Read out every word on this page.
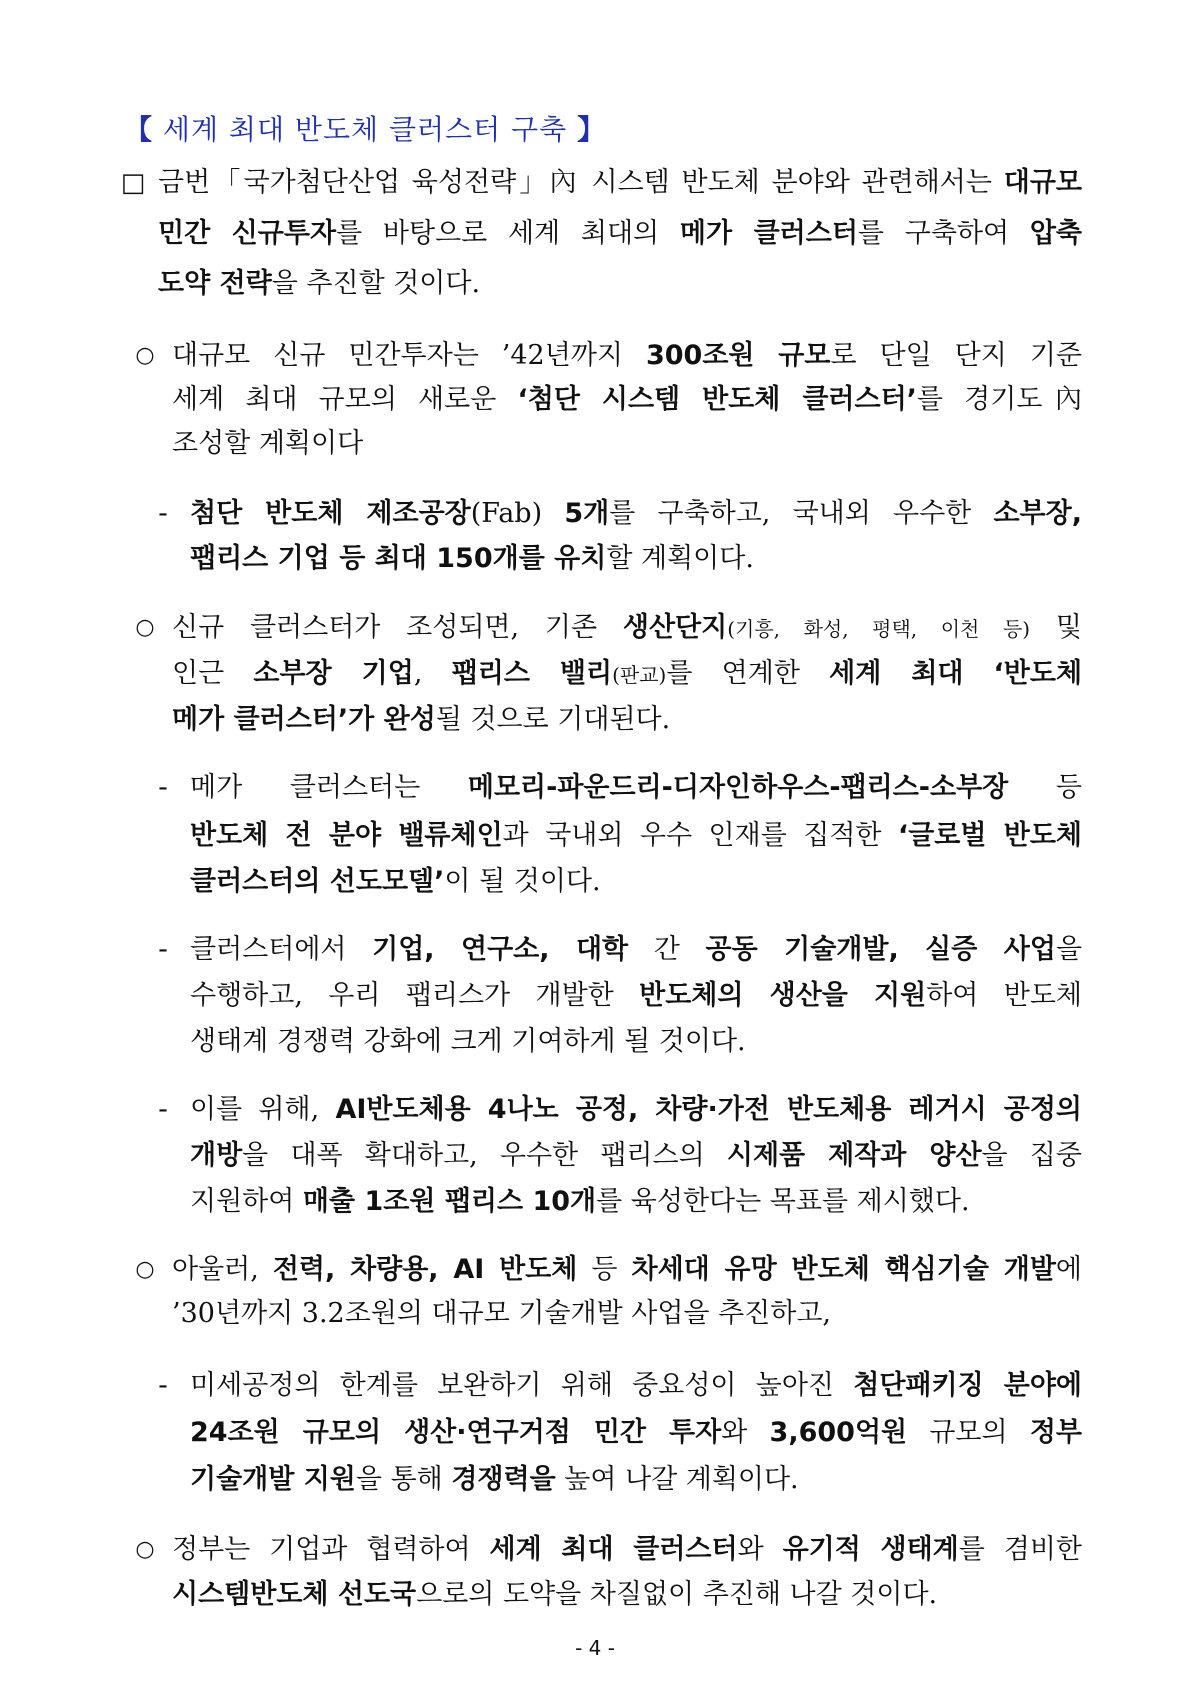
【 세계 최대 반도체 클러스터 구축 】
□ 금번「국가첨단산업 육성전략」內 시스템 반도체 분야와 관련해서는 대규모
민간 신규투자를 바탕으로 세계 최대의 메가 클러스터를 구축하여 압축
도약 전략을 추진할 것이다.
○ 대규모 신규 민간투자는 ’42년까지 300조원 규모로 단일 단지 기준
세계 최대 규모의 새로운 ‘첨단 시스템 반도체 클러스터’를 경기도內
조성할 계획이다
- 첨단 반도체 제조공장(Fab) 5개를 구축하고, 국내외 우수한 소부장,
팹리스 기업 등 최대 150개를 유치할 계획이다.
○ 신규 클러스터가 조성되면, 기존 생산단지(기흥, 화성, 평택, 이천 등) 및
인근 소부장 기업, 팹리스 밸리(판교)를 연계한 세계 최대 ‘반도체
메가 클러스터’가 완성될 것으로 기대된다.
- 메가 클러스터는 메모리-파운드리-디자인하우스-팹리스-소부장 등
반도체 전 분야 밸류체인과 국내외 우수 인재를 집적한 ‘글로벌 반도체
클러스터의 선도모델’이 될 것이다.
- 클러스터에서 기업, 연구소, 대학 간 공동 기술개발, 실증 사업을
수행하고, 우리 팹리스가 개발한 반도체의 생산을 지원하여 반도체
생태계 경쟁력 강화에 크게 기여하게 될 것이다.
- 이를 위해, AI반도체용 4나노 공정, 차량·가전 반도체용 레거시 공정의
개방을 대폭 확대하고, 우수한 팹리스의 시제품 제작과 양산을 집중
지원하여 매출 1조원 팹리스 10개를 육성한다는 목표를 제시했다.
○ 아울러, 전력, 차량용, AI 반도체 등 차세대 유망 반도체 핵심기술 개발에
’30년까지 3.2조원의 대규모 기술개발 사업을 추진하고,
- 미세공정의 한계를 보완하기 위해 중요성이 높아진 첨단패키징 분야에
24조원 규모의 생산·연구거점 민간 투자와 3,600억원 규모의 정부
기술개발 지원을 통해 경쟁력을 높여 나갈 계획이다.
○ 정부는 기업과 협력하여 세계 최대 클러스터와 유기적 생태계를 겸비한
시스템반도체 선도국으로의 도약을 차질없이 추진해 나갈 것이다.
- 4 -
